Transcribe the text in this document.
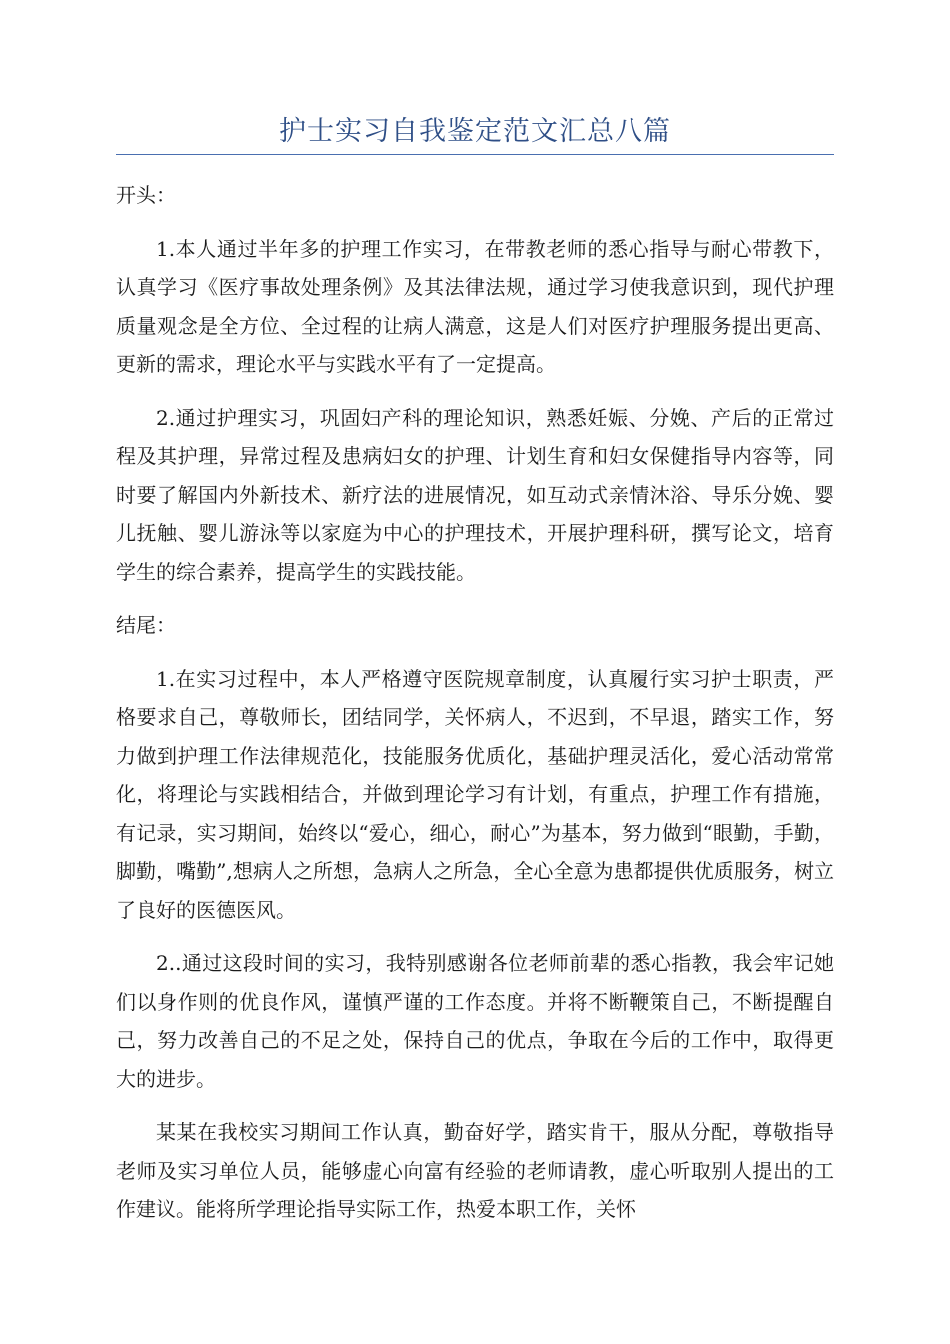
护士实习自我鉴定范文汇总八篇

开头：

1.本人通过半年多的护理工作实习，在带教老师的悉心指导与耐心带教下，认真学习《医疗事故处理条例》及其法律法规，通过学习使我意识到，现代护理质量观念是全方位、全过程的让病人满意，这是人们对医疗护理服务提出更高、更新的需求，理论水平与实践水平有了一定提高。

2.通过护理实习，巩固妇产科的理论知识，熟悉妊娠、分娩、产后的正常过程及其护理，异常过程及患病妇女的护理、计划生育和妇女保健指导内容等，同时要了解国内外新技术、新疗法的进展情况，如互动式亲情沐浴、导乐分娩、婴儿抚触、婴儿游泳等以家庭为中心的护理技术，开展护理科研，撰写论文，培育学生的综合素养，提高学生的实践技能。

结尾：

1.在实习过程中，本人严格遵守医院规章制度，认真履行实习护士职责，严格要求自己，尊敬师长，团结同学，关怀病人，不迟到，不早退，踏实工作，努力做到护理工作法律规范化，技能服务优质化，基础护理灵活化，爱心活动常常化，将理论与实践相结合，并做到理论学习有计划，有重点，护理工作有措施，有记录，实习期间，始终以“爱心，细心，耐心”为基本，努力做到“眼勤，手勤，脚勤，嘴勤”,想病人之所想，急病人之所急，全心全意为患都提供优质服务，树立了良好的医德医风。

2..通过这段时间的实习，我特别感谢各位老师前辈的悉心指教，我会牢记她们以身作则的优良作风，谨慎严谨的工作态度。并将不断鞭策自己，不断提醒自己，努力改善自己的不足之处，保持自己的优点，争取在今后的工作中，取得更大的进步。

某某在我校实习期间工作认真，勤奋好学，踏实肯干，服从分配，尊敬指导老师及实习单位人员，能够虚心向富有经验的老师请教，虚心听取别人提出的工作建议。能将所学理论指导实际工作，热爱本职工作，关怀
